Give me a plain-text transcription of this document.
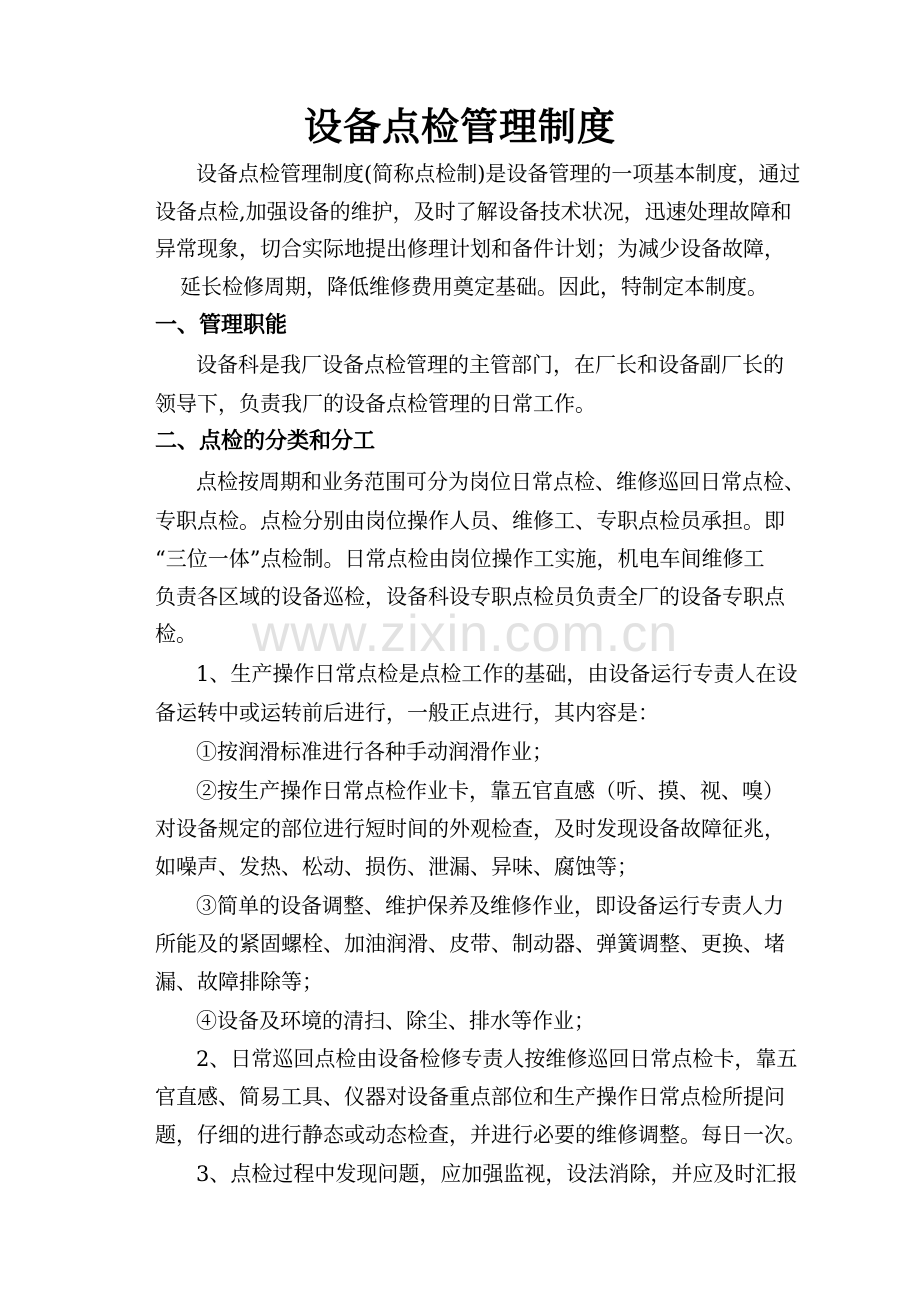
设备点检管理制度
设备点检管理制度(简称点检制)是设备管理的一项基本制度，通过
设备点检,加强设备的维护，及时了解设备技术状况，迅速处理故障和
异常现象，切合实际地提出修理计划和备件计划；为减少设备故障，
延长检修周期，降低维修费用奠定基础。因此，特制定本制度。
一、管理职能
设备科是我厂设备点检管理的主管部门，在厂长和设备副厂长的
领导下，负责我厂的设备点检管理的日常工作。
二、点检的分类和分工
点检按周期和业务范围可分为岗位日常点检、维修巡回日常点检、
专职点检。点检分别由岗位操作人员、维修工、专职点检员承担。即
“三位一体”点检制。日常点检由岗位操作工实施，机电车间维修工
负责各区域的设备巡检，设备科设专职点检员负责全厂的设备专职点
检。	www.zixin.com.cn
1、生产操作日常点检是点检工作的基础，由设备运行专责人在设
备运转中或运转前后进行，一般正点进行，其内容是：
①按润滑标准进行各种手动润滑作业；
②按生产操作日常点检作业卡，靠五官直感（听、摸、视、嗅）
对设备规定的部位进行短时间的外观检查，及时发现设备故障征兆，
如噪声、发热、松动、损伤、泄漏、异味、腐蚀等；
③简单的设备调整、维护保养及维修作业，即设备运行专责人力
所能及的紧固螺栓、加油润滑、皮带、制动器、弹簧调整、更换、堵
漏、故障排除等；
④设备及环境的清扫、除尘、排水等作业；
2、日常巡回点检由设备检修专责人按维修巡回日常点检卡，靠五
官直感、简易工具、仪器对设备重点部位和生产操作日常点检所提问
题，仔细的进行静态或动态检查，并进行必要的维修调整。每日一次。
3、点检过程中发现问题，应加强监视，设法消除，并应及时汇报
